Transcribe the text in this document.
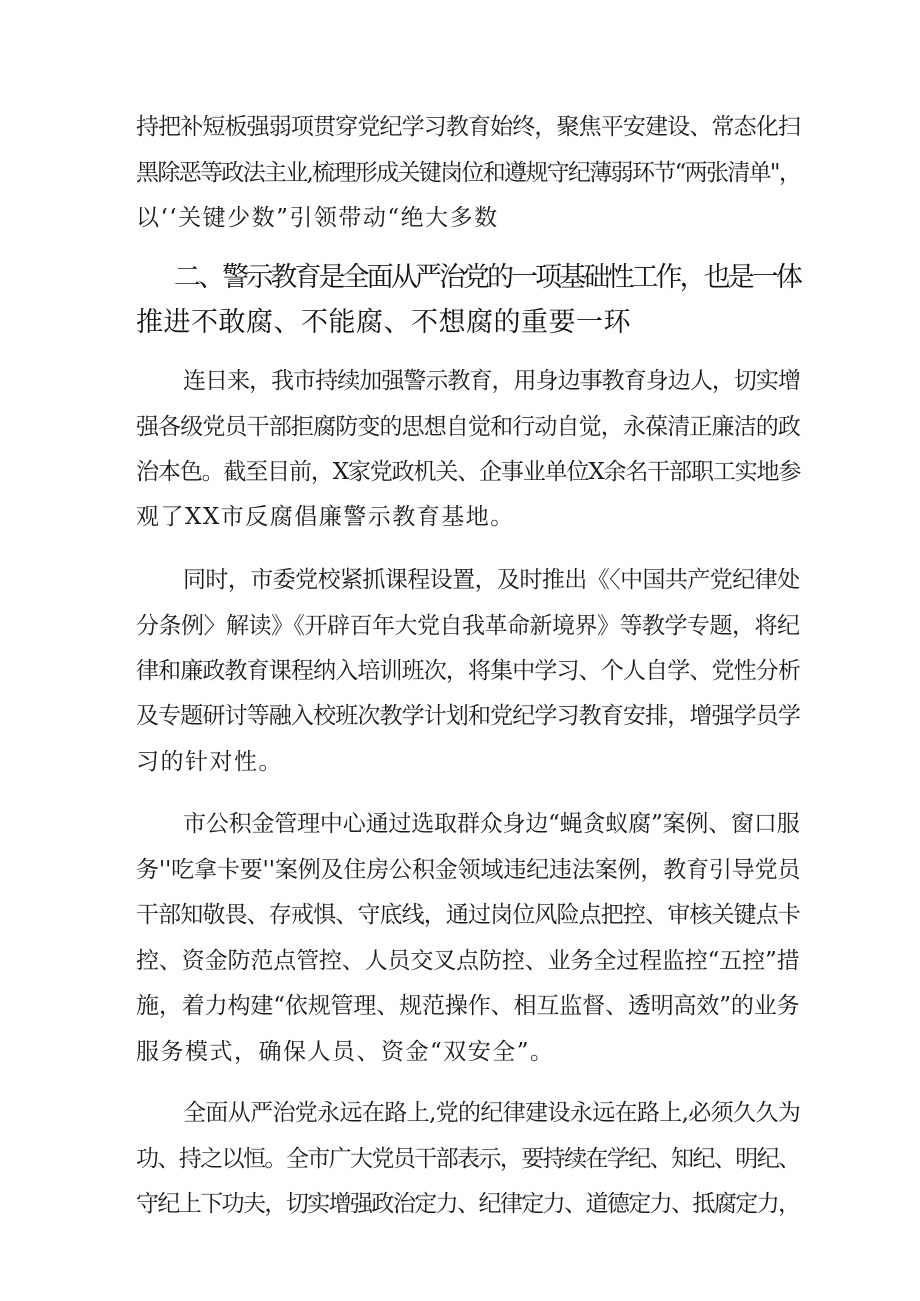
持把补短板强弱项贯穿党纪学习教育始终，聚焦平安建设、常态化扫
黑除恶等政法主业,梳理形成关键岗位和遵规守纪薄弱环节“两张清单"，
以‘‘关键少数”引领带动“绝大多数
二、警示教育是全面从严治党的一项基础性工作，也是一体
推进不敢腐、不能腐、不想腐的重要一环
连日来，我市持续加强警示教育，用身边事教育身边人，切实增
强各级党员干部拒腐防变的思想自觉和行动自觉，永葆清正廉洁的政
治本色。截至目前，X家党政机关、企事业单位X余名干部职工实地参
观了XX市反腐倡廉警示教育基地。
同时，市委党校紧抓课程设置，及时推出《〈中国共产党纪律处
分条例〉解读》《开辟百年大党自我革命新境界》等教学专题，将纪
律和廉政教育课程纳入培训班次，将集中学习、个人自学、党性分析
及专题研讨等融入校班次教学计划和党纪学习教育安排，增强学员学
习的针对性。
市公积金管理中心通过选取群众身边“蝇贪蚁腐”案例、窗口服
务''吃拿卡要''案例及住房公积金领域违纪违法案例，教育引导党员
干部知敬畏、存戒惧、守底线，通过岗位风险点把控、审核关键点卡
控、资金防范点管控、人员交叉点防控、业务全过程监控“五控”措
施，着力构建“依规管理、规范操作、相互监督、透明高效”的业务
服务模式，确保人员、资金“双安全”。
全面从严治党永远在路上,党的纪律建设永远在路上,必须久久为
功、持之以恒。全市广大党员干部表示，要持续在学纪、知纪、明纪、
守纪上下功夫，切实增强政治定力、纪律定力、道德定力、抵腐定力，
